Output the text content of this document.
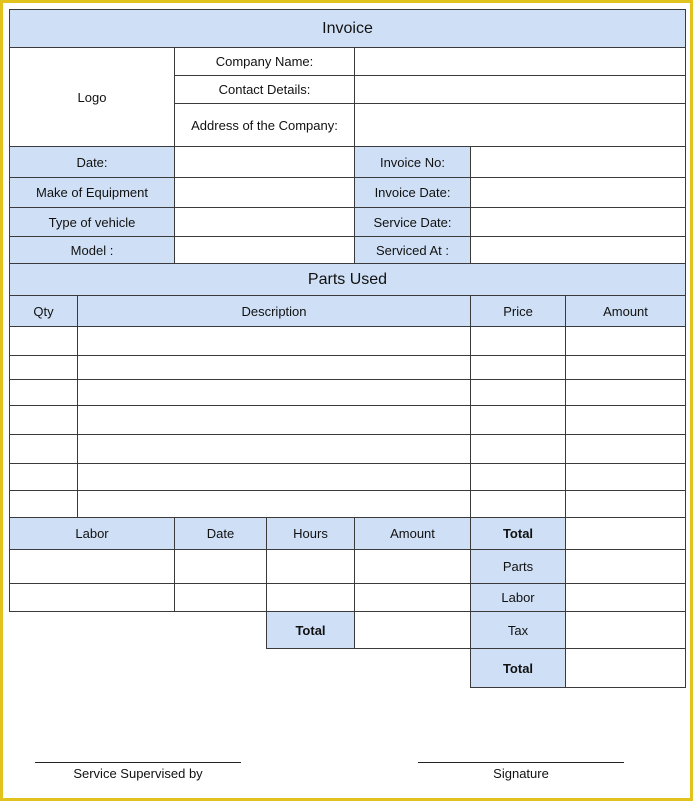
Invoice
Logo
Company Name:
Contact Details:
Address of the Company:
Date:	Invoice No:
Make of Equipment	Invoice Date:
Type of vehicle	Service Date:
Model :	Serviced At :
Parts Used
Qty	Description	Price	Amount
Labor	Date	Hours	Amount	Total
Parts
Labor
Total	Tax
Total
Service Supervised by	Signature
